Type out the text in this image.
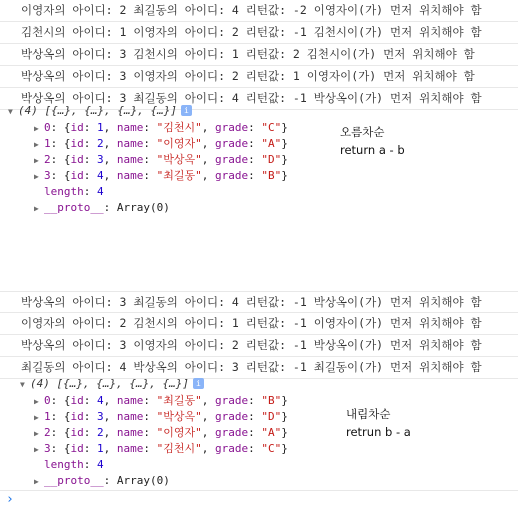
이영자의 아이디: 2 최길동의 아이디: 4 리턴값: -2 이영자이(가) 먼저 위치해야 함
김천시의 아이디: 1 이영자의 아이디: 2 리턴값: -1 김천시이(가) 먼저 위치해야 함
박상옥의 아이디: 3 김천시의 아이디: 1 리턴값: 2 김천시이(가) 먼저 위치해야 함
박상옥의 아이디: 3 이영자의 아이디: 2 리턴값: 1 이영자이(가) 먼저 위치해야 함
박상옥의 아이디: 3 최길동의 아이디: 4 리턴값: -1 박상옥이(가) 먼저 위치해야 함
▼ (4) [{…}, {…}, {…}, {…}] i
▶ 0: {id: 1, name: "김천시", grade: "C"}
▶ 1: {id: 2, name: "이영자", grade: "A"}
▶ 2: {id: 3, name: "박상옥", grade: "D"}
▶ 3: {id: 4, name: "최길동", grade: "B"}
length: 4
▶ __proto__: Array(0)
오름차순
return a - b
박상옥의 아이디: 3 최길동의 아이디: 4 리턴값: -1 박상옥이(가) 먼저 위치해야 함
이영자의 아이디: 2 김천시의 아이디: 1 리턴값: -1 이영자이(가) 먼저 위치해야 함
박상옥의 아이디: 3 이영자의 아이디: 2 리턴값: -1 박상옥이(가) 먼저 위치해야 함
최길동의 아이디: 4 박상옥의 아이디: 3 리턴값: -1 최길동이(가) 먼저 위치해야 함
▼ (4) [{…}, {…}, {…}, {…}] i
▶ 0: {id: 4, name: "최길동", grade: "B"}
▶ 1: {id: 3, name: "박상옥", grade: "D"}
▶ 2: {id: 2, name: "이영자", grade: "A"}
▶ 3: {id: 1, name: "김천시", grade: "C"}
length: 4
▶ __proto__: Array(0)
내림차순
retrun b - a
›
